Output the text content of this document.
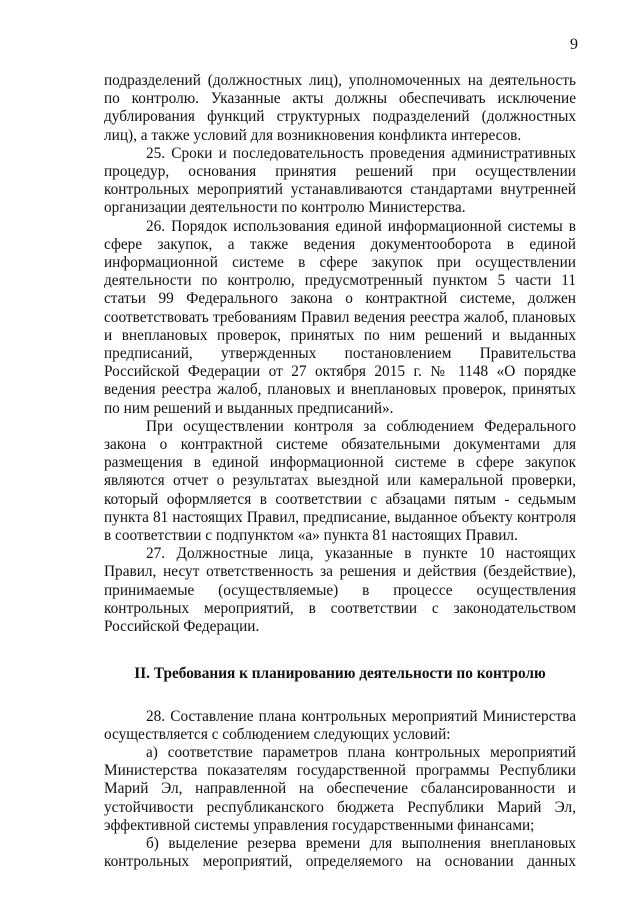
9

подразделений (должностных лиц), уполномоченных на деятельность по контролю. Указанные акты должны обеспечивать исключение дублирования функций структурных подразделений (должностных лиц), а также условий для возникновения конфликта интересов.

25. Сроки и последовательность проведения административных процедур, основания принятия решений при осуществлении контрольных мероприятий устанавливаются стандартами внутренней организации деятельности по контролю Министерства.

26. Порядок использования единой информационной системы в сфере закупок, а также ведения документооборота в единой информационной системе в сфере закупок при осуществлении деятельности по контролю, предусмотренный пунктом 5 части 11 статьи 99 Федерального закона о контрактной системе, должен соответствовать требованиям Правил ведения реестра жалоб, плановых и внеплановых проверок, принятых по ним решений и выданных предписаний, утвержденных постановлением Правительства Российской Федерации от 27 октября 2015 г. № 1148 «О порядке ведения реестра жалоб, плановых и внеплановых проверок, принятых по ним решений и выданных предписаний».

При осуществлении контроля за соблюдением Федерального закона о контрактной системе обязательными документами для размещения в единой информационной системе в сфере закупок являются отчет о результатах выездной или камеральной проверки, который оформляется в соответствии с абзацами пятым - седьмым пункта 81 настоящих Правил, предписание, выданное объекту контроля в соответствии с подпунктом «а» пункта 81 настоящих Правил.

27. Должностные лица, указанные в пункте 10 настоящих Правил, несут ответственность за решения и действия (бездействие), принимаемые (осуществляемые) в процессе осуществления контрольных мероприятий, в соответствии с законодательством Российской Федерации.

II. Требования к планированию деятельности по контролю

28. Составление плана контрольных мероприятий Министерства осуществляется с соблюдением следующих условий:

а) соответствие параметров плана контрольных мероприятий Министерства показателям государственной программы Республики Марий Эл, направленной на обеспечение сбалансированности и устойчивости республиканского бюджета Республики Марий Эл, эффективной системы управления государственными финансами;

б) выделение резерва времени для выполнения внеплановых контрольных мероприятий, определяемого на основании данных
